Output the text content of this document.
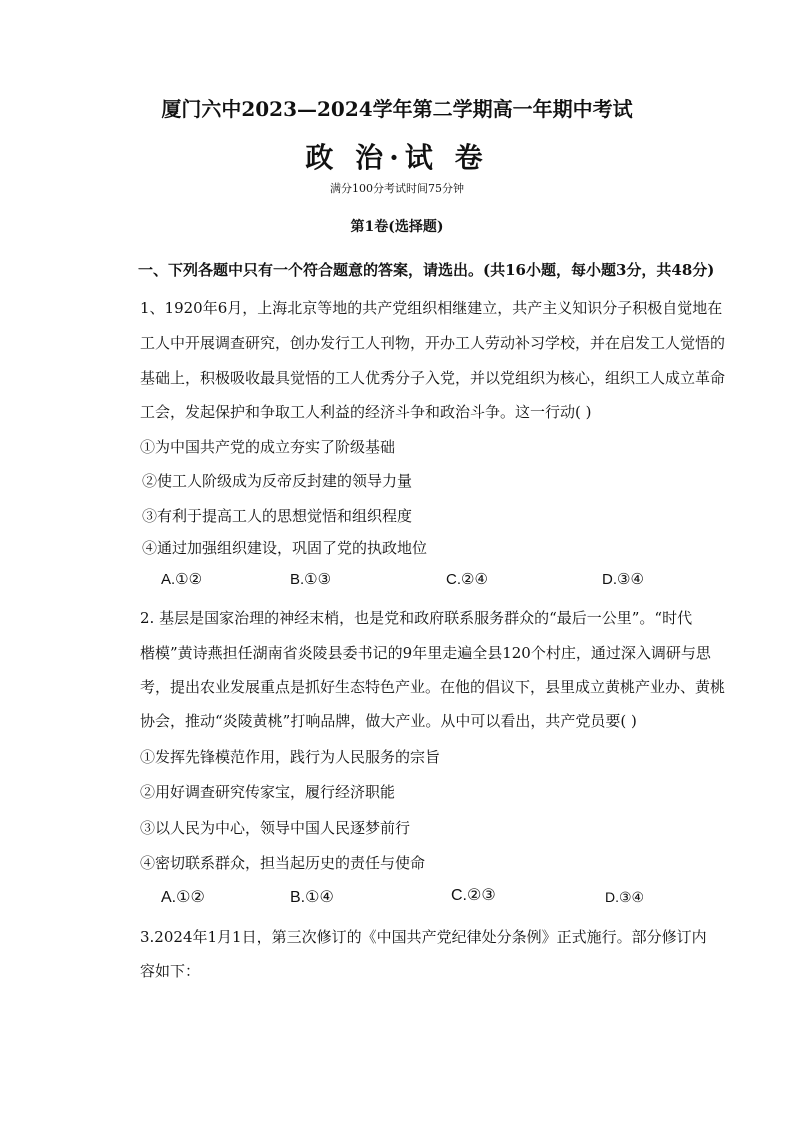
厦门六中2023—2024学年第二学期高一年期中考试
政 治·试 卷
满分100分考试时间75分钟
第1卷(选择题)
一、下列各题中只有一个符合题意的答案，请选出。(共16小题，每小题3分，共48分)
1、1920年6月，上海北京等地的共产党组织相继建立，共产主义知识分子积极自觉地在
工人中开展调查研究，创办发行工人刊物，开办工人劳动补习学校，并在启发工人觉悟的
基础上，积极吸收最具觉悟的工人优秀分子入党，并以党组织为核心，组织工人成立革命
工会，发起保护和争取工人利益的经济斗争和政治斗争。这一行动( )
①为中国共产党的成立夯实了阶级基础
②使工人阶级成为反帝反封建的领导力量
③有利于提高工人的思想觉悟和组织程度
④通过加强组织建设，巩固了党的执政地位
A.①②	B.①③	C.②④	D.③④
2. 基层是国家治理的神经末梢，也是党和政府联系服务群众的“最后一公里”。“时代
楷模”黄诗燕担任湖南省炎陵县委书记的9年里走遍全县120个村庄，通过深入调研与思
考，提出农业发展重点是抓好生态特色产业。在他的倡议下，县里成立黄桃产业办、黄桃
协会，推动“炎陵黄桃”打响品牌，做大产业。从中可以看出，共产党员要( )
①发挥先锋模范作用，践行为人民服务的宗旨
②用好调查研究传家宝，履行经济职能
③以人民为中心，领导中国人民逐梦前行
④密切联系群众，担当起历史的责任与使命
A.①②	B.①④	C.②③	D.③④
3.2024年1月1日，第三次修订的《中国共产党纪律处分条例》正式施行。部分修订内
容如下：
